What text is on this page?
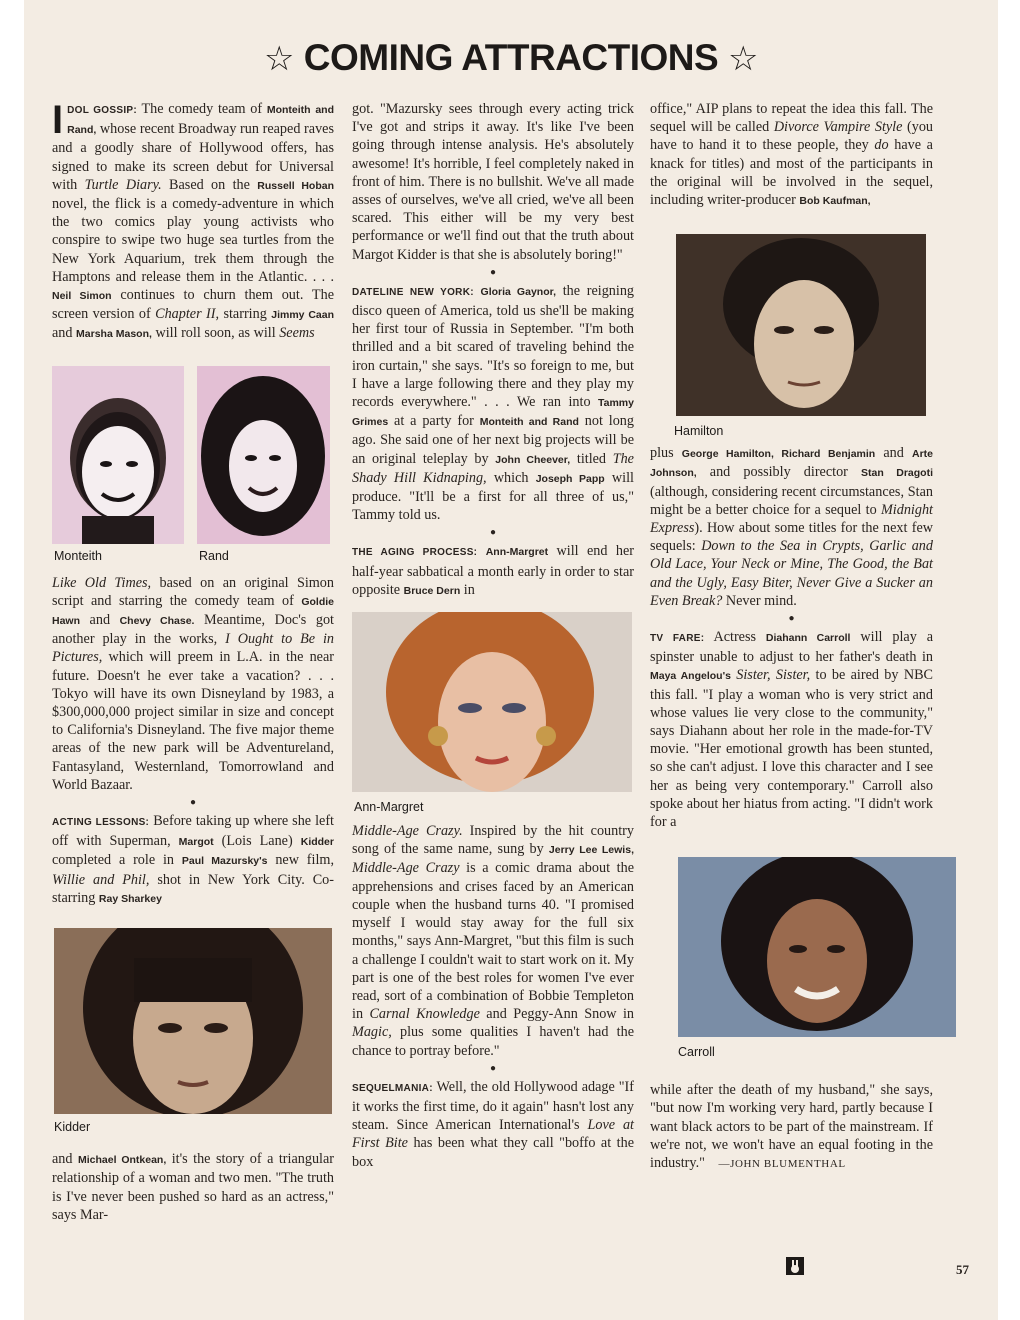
☆ COMING ATTRACTIONS ☆

IDOL GOSSIP: The comedy team of Monteith and Rand, whose recent Broadway run reaped raves and a goodly share of Hollywood offers, has signed to make its screen debut for Universal with Turtle Diary. Based on the Russell Hoban novel, the flick is a comedy-adventure in which the two comics play young activists who conspire to swipe two huge sea turtles from the New York Aquarium, trek them through the Hamptons and release them in the Atlantic. . . . Neil Simon continues to churn them out. The screen version of Chapter II, starring Jimmy Caan and Marsha Mason, will roll soon, as will Seems

Monteith	Rand

Like Old Times, based on an original Simon script and starring the comedy team of Goldie Hawn and Chevy Chase. Meantime, Doc's got another play in the works, I Ought to Be in Pictures, which will preem in L.A. in the near future. Doesn't he ever take a vacation? . . . Tokyo will have its own Disneyland by 1983, a $300,000,000 project similar in size and concept to California's Disneyland. The five major theme areas of the new park will be Adventureland, Fantasyland, Westernland, Tomorrowland and World Bazaar.

●

ACTING LESSONS: Before taking up where she left off with Superman, Margot (Lois Lane) Kidder completed a role in Paul Mazursky's new film, Willie and Phil, shot in New York City. Co-starring Ray Sharkey

Kidder

and Michael Ontkean, it's the story of a triangular relationship of a woman and two men. "The truth is I've never been pushed so hard as an actress," says Mar-

got. "Mazursky sees through every acting trick I've got and strips it away. It's like I've been going through intense analysis. He's absolutely awesome! It's horrible, I feel completely naked in front of him. There is no bullshit. We've all made asses of ourselves, we've all cried, we've all been scared. This either will be my very best performance or we'll find out that the truth about Margot Kidder is that she is absolutely boring!"

●

DATELINE NEW YORK: Gloria Gaynor, the reigning disco queen of America, told us she'll be making her first tour of Russia in September. "I'm both thrilled and a bit scared of traveling behind the iron curtain," she says. "It's so foreign to me, but I have a large following there and they play my records everywhere." . . . We ran into Tammy Grimes at a party for Monteith and Rand not long ago. She said one of her next big projects will be an original teleplay by John Cheever, titled The Shady Hill Kidnaping, which Joseph Papp will produce. "It'll be a first for all three of us," Tammy told us.

●

THE AGING PROCESS: Ann-Margret will end her half-year sabbatical a month early in order to star opposite Bruce Dern in

Ann-Margret

Middle-Age Crazy. Inspired by the hit country song of the same name, sung by Jerry Lee Lewis, Middle-Age Crazy is a comic drama about the apprehensions and crises faced by an American couple when the husband turns 40. "I promised myself I would stay away for the full six months," says Ann-Margret, "but this film is such a challenge I couldn't wait to start work on it. My part is one of the best roles for women I've ever read, sort of a combination of Bobbie Templeton in Carnal Knowledge and Peggy-Ann Snow in Magic, plus some qualities I haven't had the chance to portray before."

●

SEQUELMANIA: Well, the old Hollywood adage "If it works the first time, do it again" hasn't lost any steam. Since American International's Love at First Bite has been what they call "boffo at the box

office," AIP plans to repeat the idea this fall. The sequel will be called Divorce Vampire Style (you have to hand it to these people, they do have a knack for titles) and most of the participants in the original will be involved in the sequel, including writer-producer Bob Kaufman,

Hamilton

plus George Hamilton, Richard Benjamin and Arte Johnson, and possibly director Stan Dragoti (although, considering recent circumstances, Stan might be a better choice for a sequel to Midnight Express). How about some titles for the next few sequels: Down to the Sea in Crypts, Garlic and Old Lace, Your Neck or Mine, The Good, the Bat and the Ugly, Easy Biter, Never Give a Sucker an Even Break? Never mind.

●

TV FARE: Actress Diahann Carroll will play a spinster unable to adjust to her father's death in Maya Angelou's Sister, Sister, to be aired by NBC this fall. "I play a woman who is very strict and whose values lie very close to the community," says Diahann about her role in the made-for-TV movie. "Her emotional growth has been stunted, so she can't adjust. I love this character and I see her as being very contemporary." Carroll also spoke about her hiatus from acting. "I didn't work for a

Carroll

while after the death of my husband," she says, "but now I'm working very hard, partly because I want black actors to be part of the mainstream. If we're not, we won't have an equal footing in the industry." —JOHN BLUMENTHAL

57
